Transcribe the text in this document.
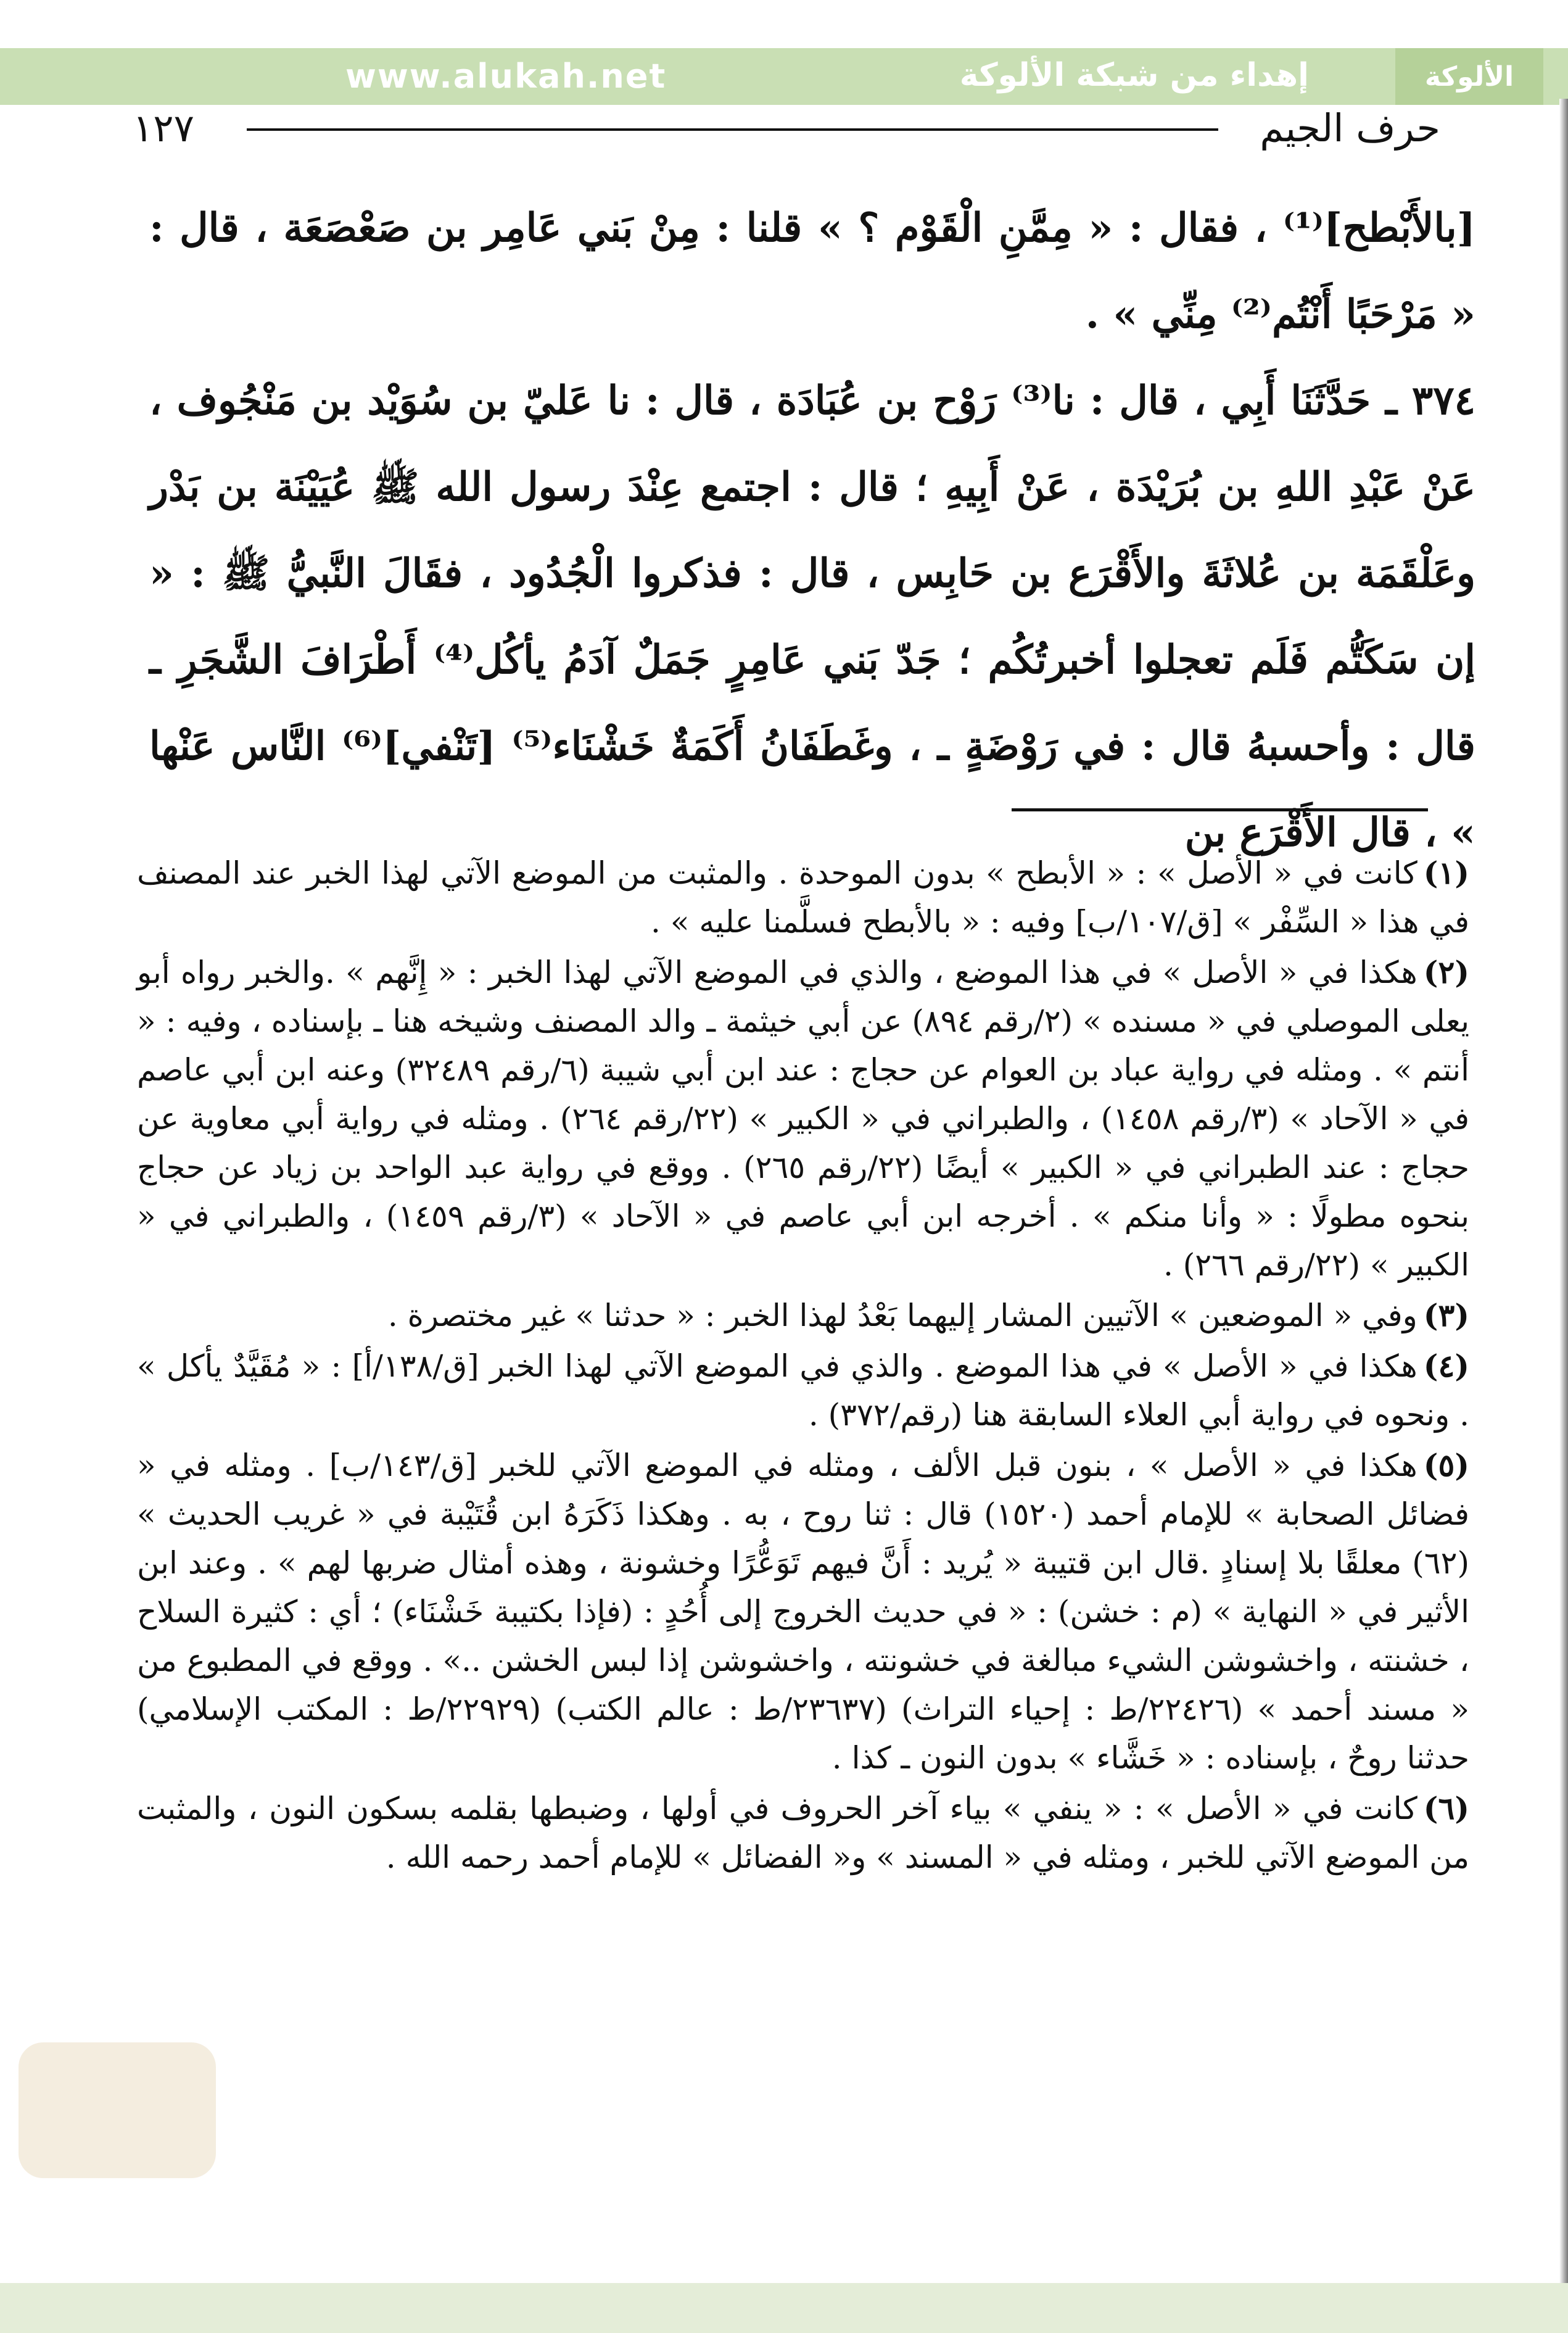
الألوكة
إهداء من شبكة الألوكة
www.alukah.net
حرف الجيم
١٢٧

[بالأَبْطح]⁽¹⁾ ، فقال : « مِمَّنِ الْقَوْم ؟ » قلنا : مِنْ بَني عَامِر بن صَعْصَعَة ، قال : « مَرْحَبًا أَنْتُم⁽²⁾ مِنِّي » .

٣٧٤ ـ حَدَّثَنَا أَبِي ، قال : نا⁽³⁾ رَوْح بن عُبَادَة ، قال : نا عَليّ بن سُوَيْد بن مَنْجُوف ، عَنْ عَبْدِ اللهِ بن بُرَيْدَة ، عَنْ أَبِيهِ ؛ قال : اجتمع عِنْدَ رسول الله ﷺ عُيَيْنَة بن بَدْر وعَلْقَمَة بن عُلاثَةَ والأَقْرَع بن حَابِس ، قال : فذكروا الْجُدُود ، فقَالَ النَّبيُّ ﷺ : « إن سَكَتُّم فَلَم تعجلوا أخبرتُكُم ؛ جَدّ بَني عَامِرٍ جَمَلٌ آدَمُ يأكُل⁽⁴⁾ أَطْرَافَ الشَّجَرِ ـ قال : وأحسبهُ قال : في رَوْضَةٍ ـ ، وغَطَفَانُ أَكَمَةٌ خَشْنَاء⁽⁵⁾ [تَنْفي]⁽⁶⁾ النَّاس عَنْها » ، قال الأَقْرَع بن

(١)كانت في « الأصل » : « الأبطح » بدون الموحدة . والمثبت من الموضع الآتي لهذا الخبر عند المصنف في هذا « السِّفْر » [ق/١٠٧/ب] وفيه : « بالأبطح فسلَّمنا عليه » .

(٢)هكذا في « الأصل » في هذا الموضع ، والذي في الموضع الآتي لهذا الخبر : « إِنَّهم » .والخبر رواه أبو يعلى الموصلي في « مسنده » (٢/رقم ٨٩٤) عن أبي خيثمة ـ والد المصنف وشيخه هنا ـ بإسناده ، وفيه : « أنتم » . ومثله في رواية عباد بن العوام عن حجاج : عند ابن أبي شيبة (٦/رقم ٣٢٤٨٩) وعنه ابن أبي عاصم في « الآحاد » (٣/رقم ١٤٥٨) ، والطبراني في « الكبير » (٢٢/رقم ٢٦٤) . ومثله في رواية أبي معاوية عن حجاج : عند الطبراني في « الكبير » أيضًا (٢٢/رقم ٢٦٥) . ووقع في رواية عبد الواحد بن زياد عن حجاج بنحوه مطولًا : « وأنا منكم » . أخرجه ابن أبي عاصم في « الآحاد » (٣/رقم ١٤٥٩) ، والطبراني في « الكبير » (٢٢/رقم ٢٦٦) .

(٣)وفي « الموضعين » الآتيين المشار إليهما بَعْدُ لهذا الخبر : « حدثنا » غير مختصرة .

(٤)هكذا في « الأصل » في هذا الموضع . والذي في الموضع الآتي لهذا الخبر [ق/١٣٨/أ] : « مُقَيَّدٌ يأكل » . ونحوه في رواية أبي العلاء السابقة هنا (رقم/٣٧٢) .

(٥)هكذا في « الأصل » ، بنون قبل الألف ، ومثله في الموضع الآتي للخبر [ق/١٤٣/ب] . ومثله في « فضائل الصحابة » للإمام أحمد (١٥٢٠) قال : ثنا روح ، به . وهكذا ذَكَرَهُ ابن قُتَيْبة في « غريب الحديث » (٦٢) معلقًا بلا إسنادٍ .قال ابن قتيبة « يُريد : أَنَّ فيهم تَوَعُّرًا وخشونة ، وهذه أمثال ضربها لهم » . وعند ابن الأثير في « النهاية » (م : خشن) : « في حديث الخروج إلى أُحُدٍ : (فإذا بكتيبة خَشْنَاء) ؛ أي : كثيرة السلاح ، خشنته ، واخشوشن الشيء مبالغة في خشونته ، واخشوشن إذا لبس الخشن ..» . ووقع في المطبوع من « مسند أحمد » (٢٢٤٢٦/ط : إحياء التراث) (٢٣٦٣٧/ط : عالم الكتب) (٢٢٩٢٩/ط : المكتب الإسلامي) حدثنا روحٌ ، بإسناده : « خَشَّاء » بدون النون ـ كذا .

(٦)كانت في « الأصل » : « ينفي » بياء آخر الحروف في أولها ، وضبطها بقلمه بسكون النون ، والمثبت من الموضع الآتي للخبر ، ومثله في « المسند » و« الفضائل » للإمام أحمد رحمه الله .
